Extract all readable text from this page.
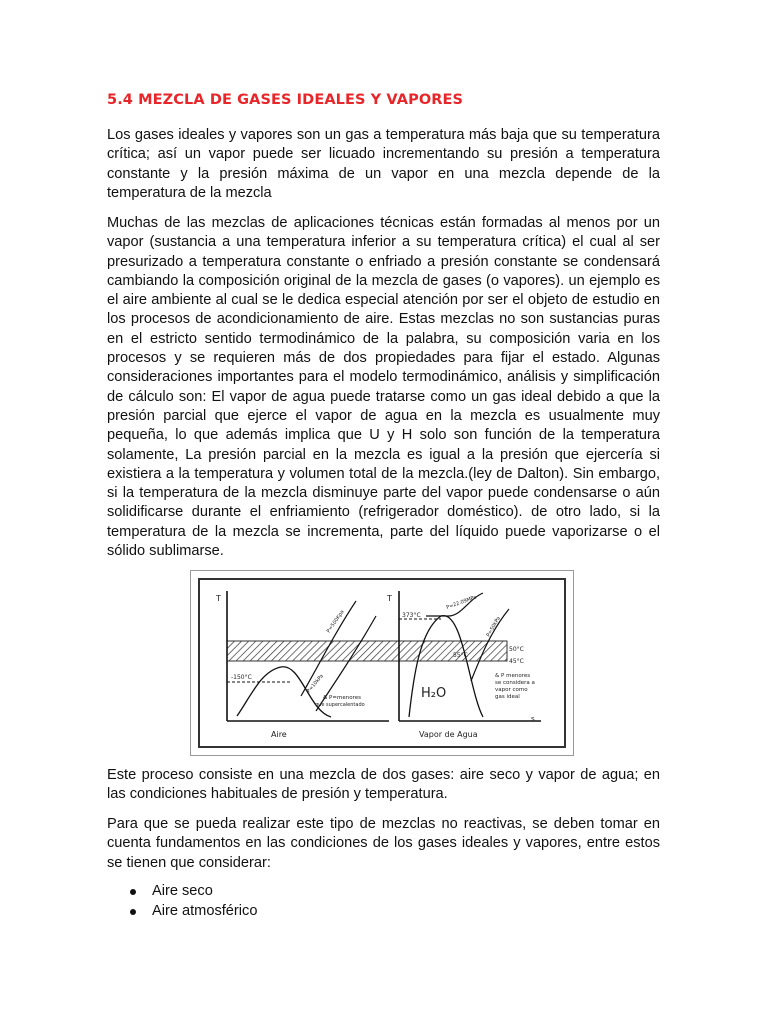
5.4 MEZCLA DE GASES IDEALES Y VAPORES

Los gases ideales y vapores son un gas a temperatura más baja que su temperatura crítica; así un vapor puede ser licuado incrementando su presión a temperatura constante y la presión máxima de un vapor en una mezcla depende de la temperatura de la mezcla

Muchas de las mezclas de aplicaciones técnicas están formadas al menos por un vapor (sustancia a una temperatura inferior a su temperatura crítica) el cual al ser presurizado a temperatura constante o enfriado a presión constante se condensará cambiando la composición original de la mezcla de gases (o vapores). un ejemplo es el aire ambiente al cual se le dedica especial atención por ser el objeto de estudio en los procesos de acondicionamiento de aire. Estas mezclas no son sustancias puras en el estricto sentido termodinámico de la palabra, su composición varia en los procesos y se requieren más de dos propiedades para fijar el estado. Algunas consideraciones importantes para el modelo termodinámico, análisis y simplificación de cálculo son: El vapor de agua puede tratarse como un gas ideal debido a que la presión parcial que ejerce el vapor de agua en la mezcla es usualmente muy pequeña, lo que además implica que U y H solo son función de la temperatura solamente, La presión parcial en la mezcla es igual a la presión que ejercería si existiera a la temperatura y volumen total de la mezcla.(ley de Dalton). Sin embargo, si la temperatura de la mezcla disminuye parte del vapor puede condensarse o aún solidificarse durante el enfriamiento (refrigerador doméstico). de otro lado, si la temperatura de la mezcla se incrementa, parte del líquido puede vaporizarse o el sólido sublimarse.

Este proceso consiste en una mezcla de dos gases: aire seco y vapor de agua; en las condiciones habituales de presión y temperatura.

Para que se pueda realizar este tipo de mezclas no reactivas, se deben tomar en cuenta fundamentos en las condiciones de los gases ideales y vapores, entre estos se tienen que considerar:

Aire seco
Aire atmosférico
T
-150°C
P≈500Kpa
P≈10kPa
& P=menores
que supercalentado
Aire
T
s
373°C
P=22.09MPa
P=50kPa
55°C
50°C
45°C
& P menores
se considera a
vapor como
gas ideal
H₂O
Vapor de Agua
